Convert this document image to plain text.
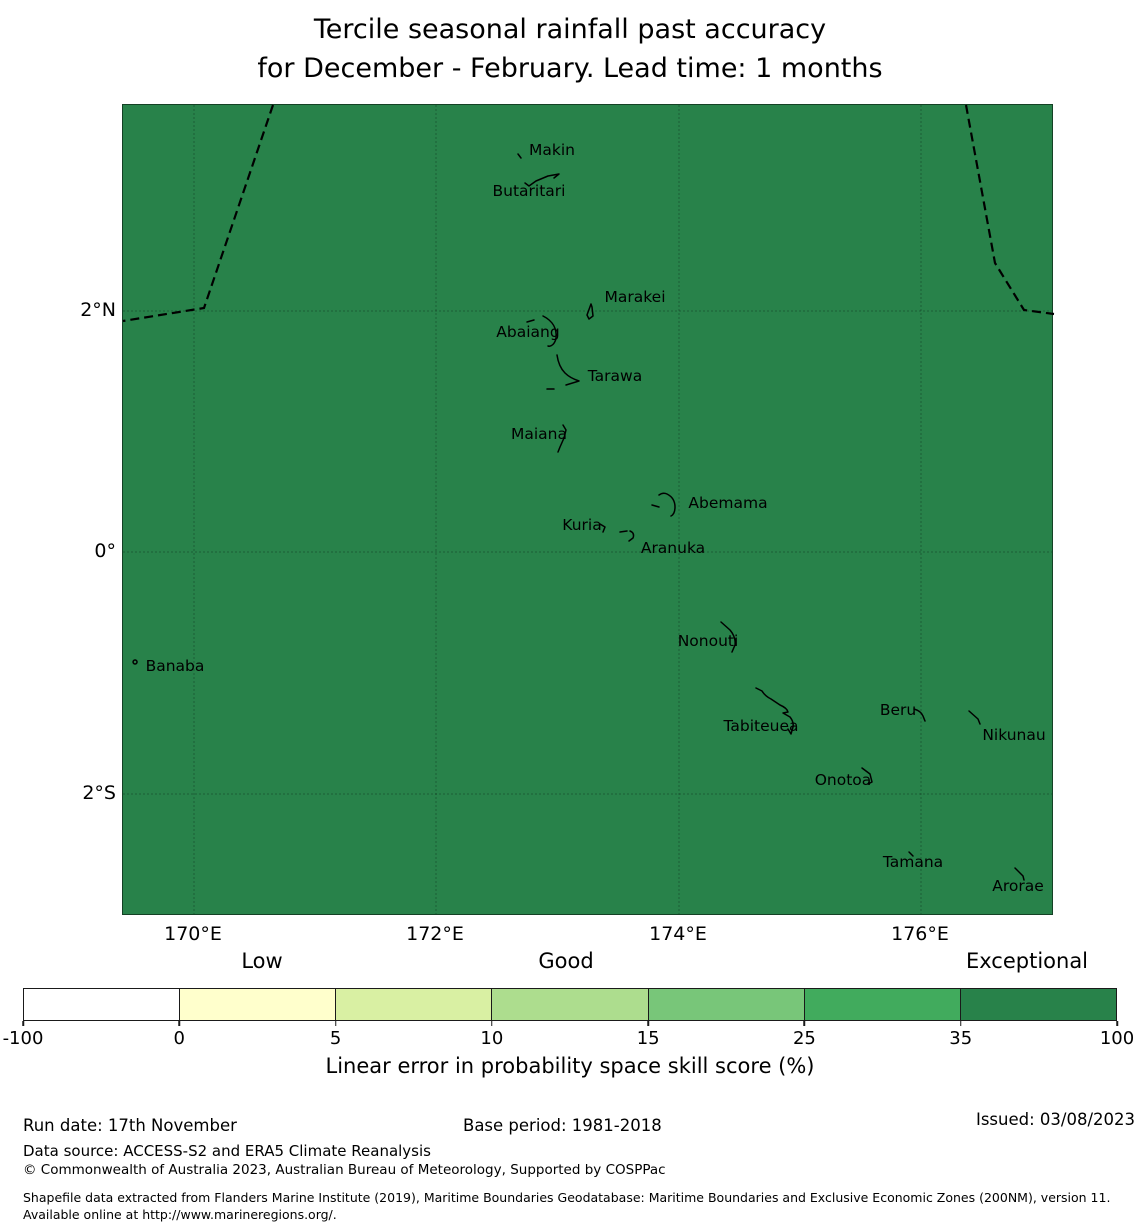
Tercile seasonal rainfall past accuracy
for December - February. Lead time: 1 months
Makin
Butaritari
Marakei
Abaiang
Tarawa
Maiana
Abemama
Kuria
Aranuka
Nonouti
Banaba
Tabiteuea
Beru
Nikunau
Onotoa
Tamana
Arorae
2°N
0°
2°S
170°E	172°E	174°E	176°E
Low	Good	Exceptional
-100	0	5	10	15	25	35	100
Linear error in probability space skill score (%)
Run date: 17th November	Base period: 1981-2018	Issued: 03/08/2023
Data source: ACCESS-S2 and ERA5 Climate Reanalysis
© Commonwealth of Australia 2023, Australian Bureau of Meteorology, Supported by COSPPac
Shapefile data extracted from Flanders Marine Institute (2019), Maritime Boundaries Geodatabase: Maritime Boundaries and Exclusive Economic Zones (200NM), version 11. Available online at http://www.marineregions.org/.
